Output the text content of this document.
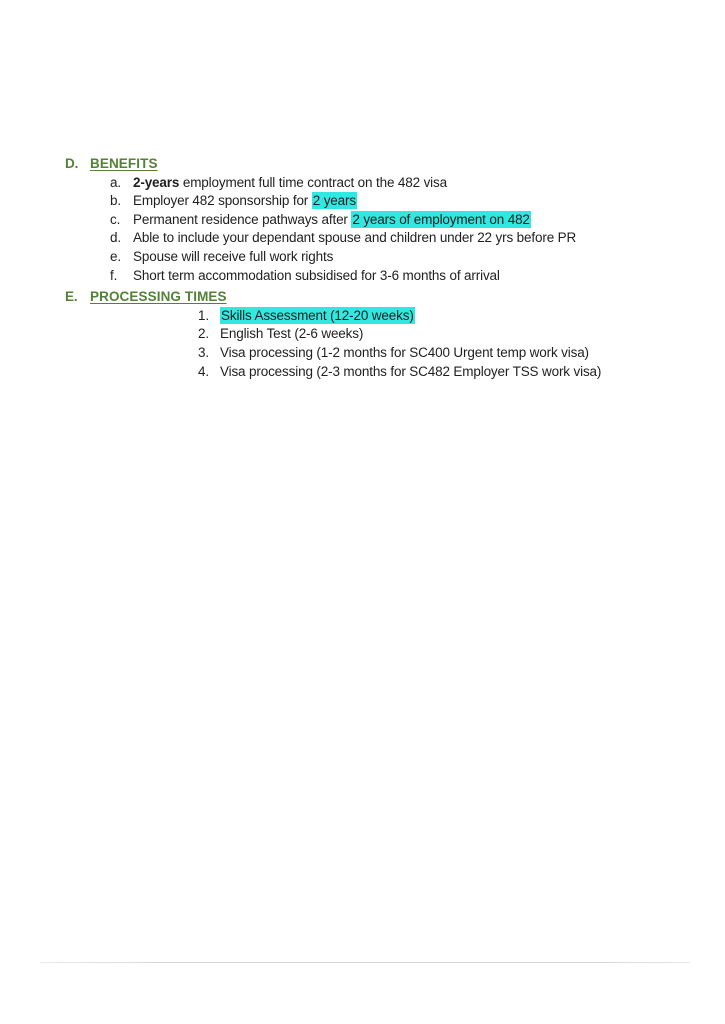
D. BENEFITS
a. 2-years employment full time contract on the 482 visa
b. Employer 482 sponsorship for 2 years
c. Permanent residence pathways after 2 years of employment on 482
d. Able to include your dependant spouse and children under 22 yrs before PR
e. Spouse will receive full work rights
f.	Short term accommodation subsidised for 3-6 months of arrival
E. PROCESSING TIMES
1. Skills Assessment (12-20 weeks)
2. English Test (2-6 weeks)
3. Visa processing (1-2 months for SC400 Urgent temp work visa)
4. Visa processing (2-3 months for SC482 Employer TSS work visa)
